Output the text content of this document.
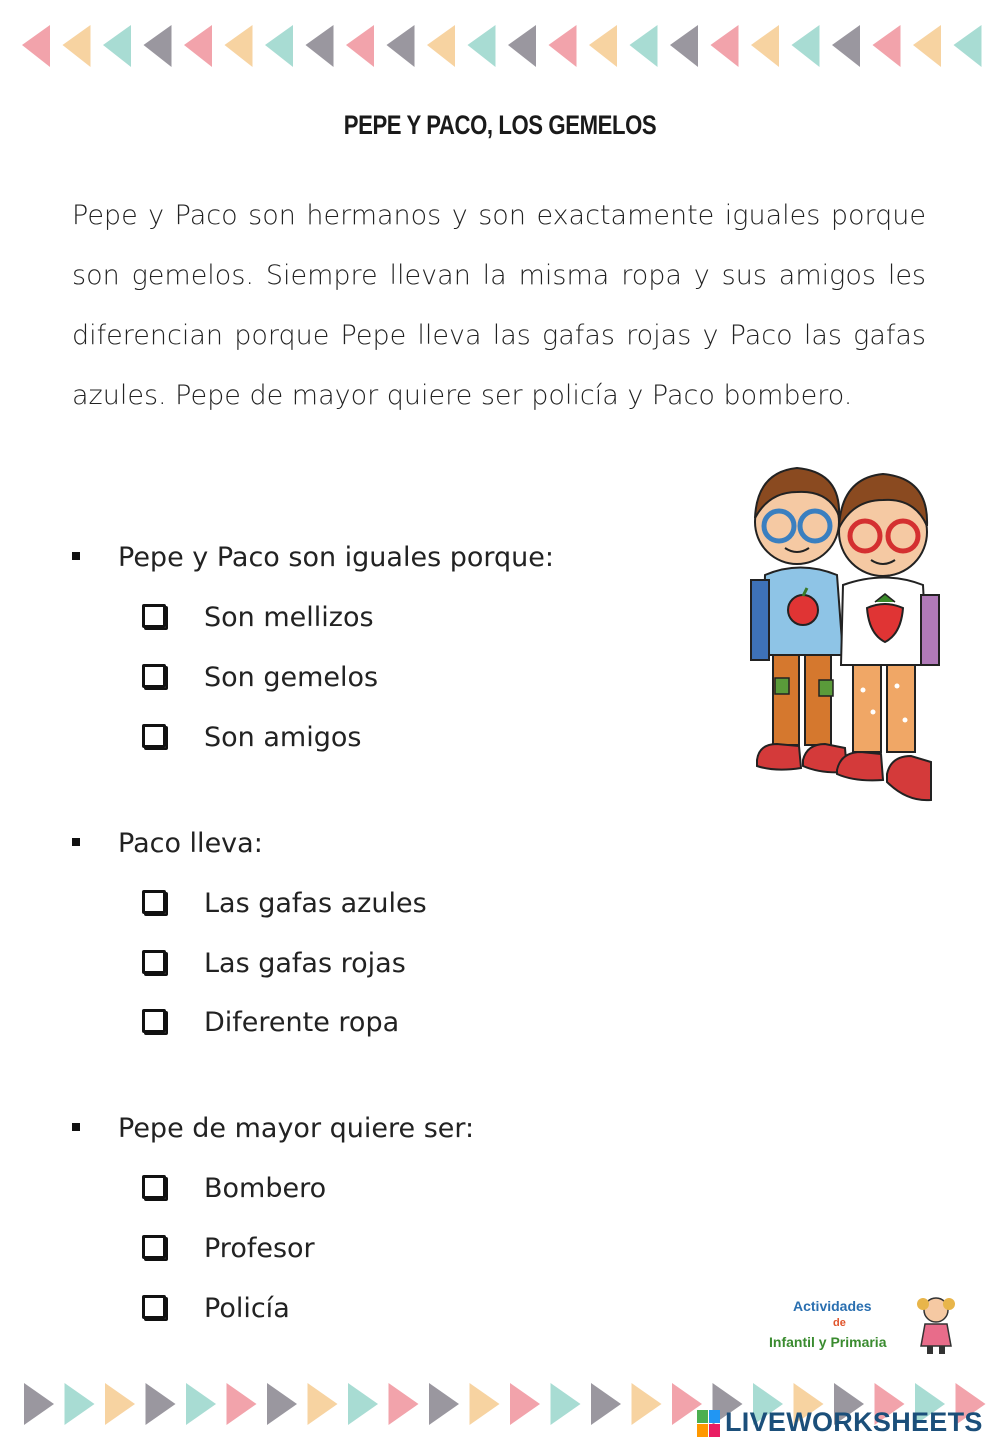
PEPE Y PACO, LOS GEMELOS
Pepe y Paco son hermanos y son exactamente iguales porque son gemelos. Siempre llevan la misma ropa y sus amigos les diferencian porque Pepe lleva las gafas rojas y Paco las gafas azules. Pepe de mayor quiere ser policía y Paco bombero.
Pepe y Paco son iguales porque:
Son mellizos
Son gemelos
Son amigos
Paco lleva:
Las gafas azules
Las gafas rojas
Diferente ropa
Pepe de mayor quiere ser:
Bombero
Profesor
Policía	Actividades
de
Infantil y Primaria
LIVEWORKSHEETS
